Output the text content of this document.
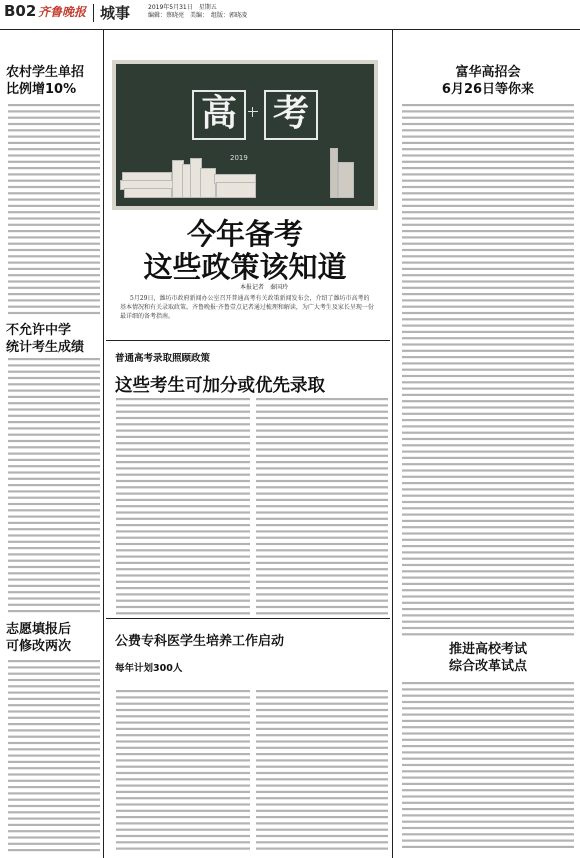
B02 齐鲁晚报 城事	2019年5月31日　星期五
编辑：蔡晓亮　美编：　组版：郭晓凌
农村学生单招
比例增10%

不允许中学
统计考生成绩
志愿填报后
可修改两次
高 考
2019
今年备考
这些政策该知道
本报记者　秦国玲
5月29日，潍坊市政府新闻办公室召开普通高考有关政策新闻发布会，介绍了潍坊市高考的基本情况和有关录取政策。齐鲁晚报·齐鲁壹点记者通过梳理和解读，为广大考生及家长呈现一份最详细的备考指南。
普通高考录取照顾政策
这些考生可加分或优先录取
公费专科医学生培养工作启动
每年计划300人
富华高招会
6月26日等你来
推进高校考试
综合改革试点
